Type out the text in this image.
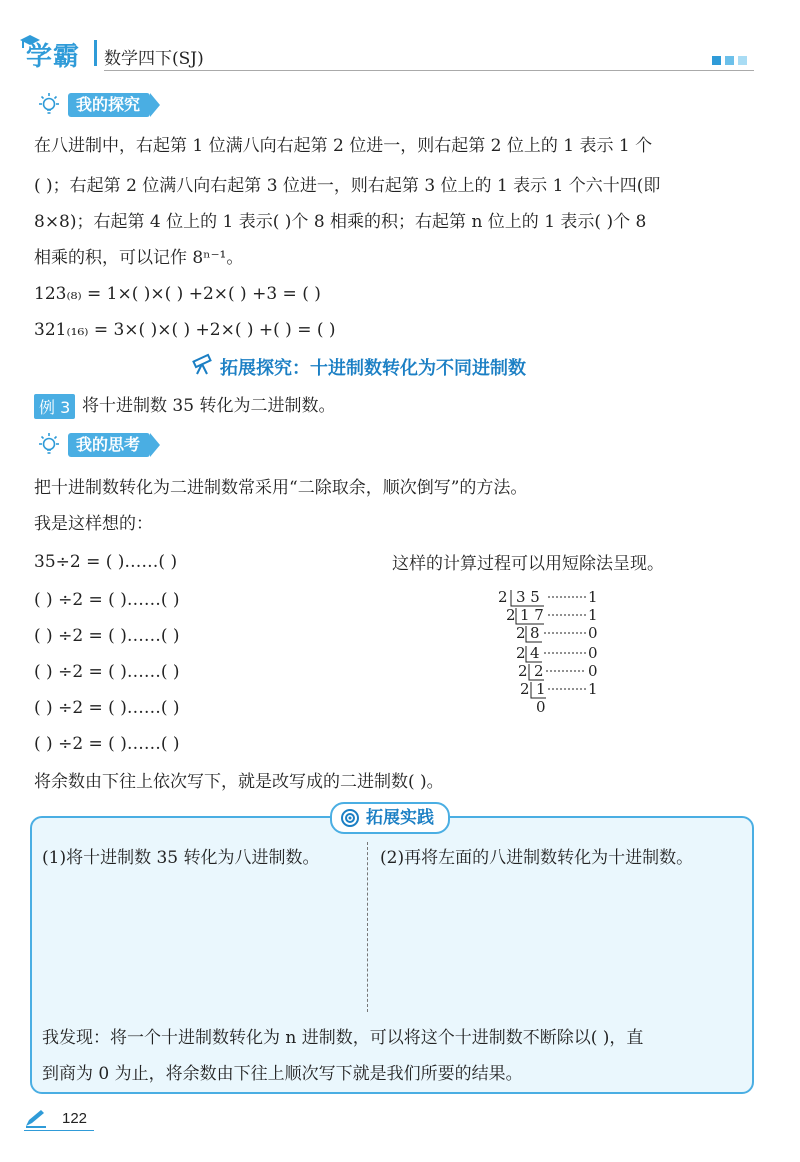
学霸 数学四下(SJ)
我的探究
在八进制中，右起第 1 位满八向右起第 2 位进一，则右起第 2 位上的 1 表示 1 个
( )；右起第 2 位满八向右起第 3 位进一，则右起第 3 位上的 1 表示 1 个六十四(即
8×8)；右起第 4 位上的 1 表示( )个 8 相乘的积；右起第 n 位上的 1 表示( )个 8
相乘的积，可以记作 8ⁿ⁻¹。
123₍₈₎ = 1×( )×( ) +2×( ) +3 = ( )
321₍₁₆₎ = 3×( )×( ) +2×( ) +( ) = ( )
拓展探究：十进制数转化为不同进制数
例 3 将十进制数 35 转化为二进制数。
我的思考
把十进制数转化为二进制数常采用“二除取余，顺次倒写”的方法。
我是这样想的：
35÷2 = ( )……( )
( ) ÷2 = ( )……( )
( ) ÷2 = ( )……( )
( ) ÷2 = ( )……( )
( ) ÷2 = ( )……( )
( ) ÷2 = ( )……( )
这样的计算过程可以用短除法呈现。
2 3 5	1
2 1 7	1
2 8	0
2 4	0
2 2	0
2 1	1
0
将余数由下往上依次写下，就是改写成的二进制数( )。
拓展实践
(1)将十进制数 35 转化为八进制数。	(2)再将左面的八进制数转化为十进制数。
我发现：将一个十进制数转化为 n 进制数，可以将这个十进制数不断除以( )，直
到商为 0 为止，将余数由下往上顺次写下就是我们所要的结果。
122
